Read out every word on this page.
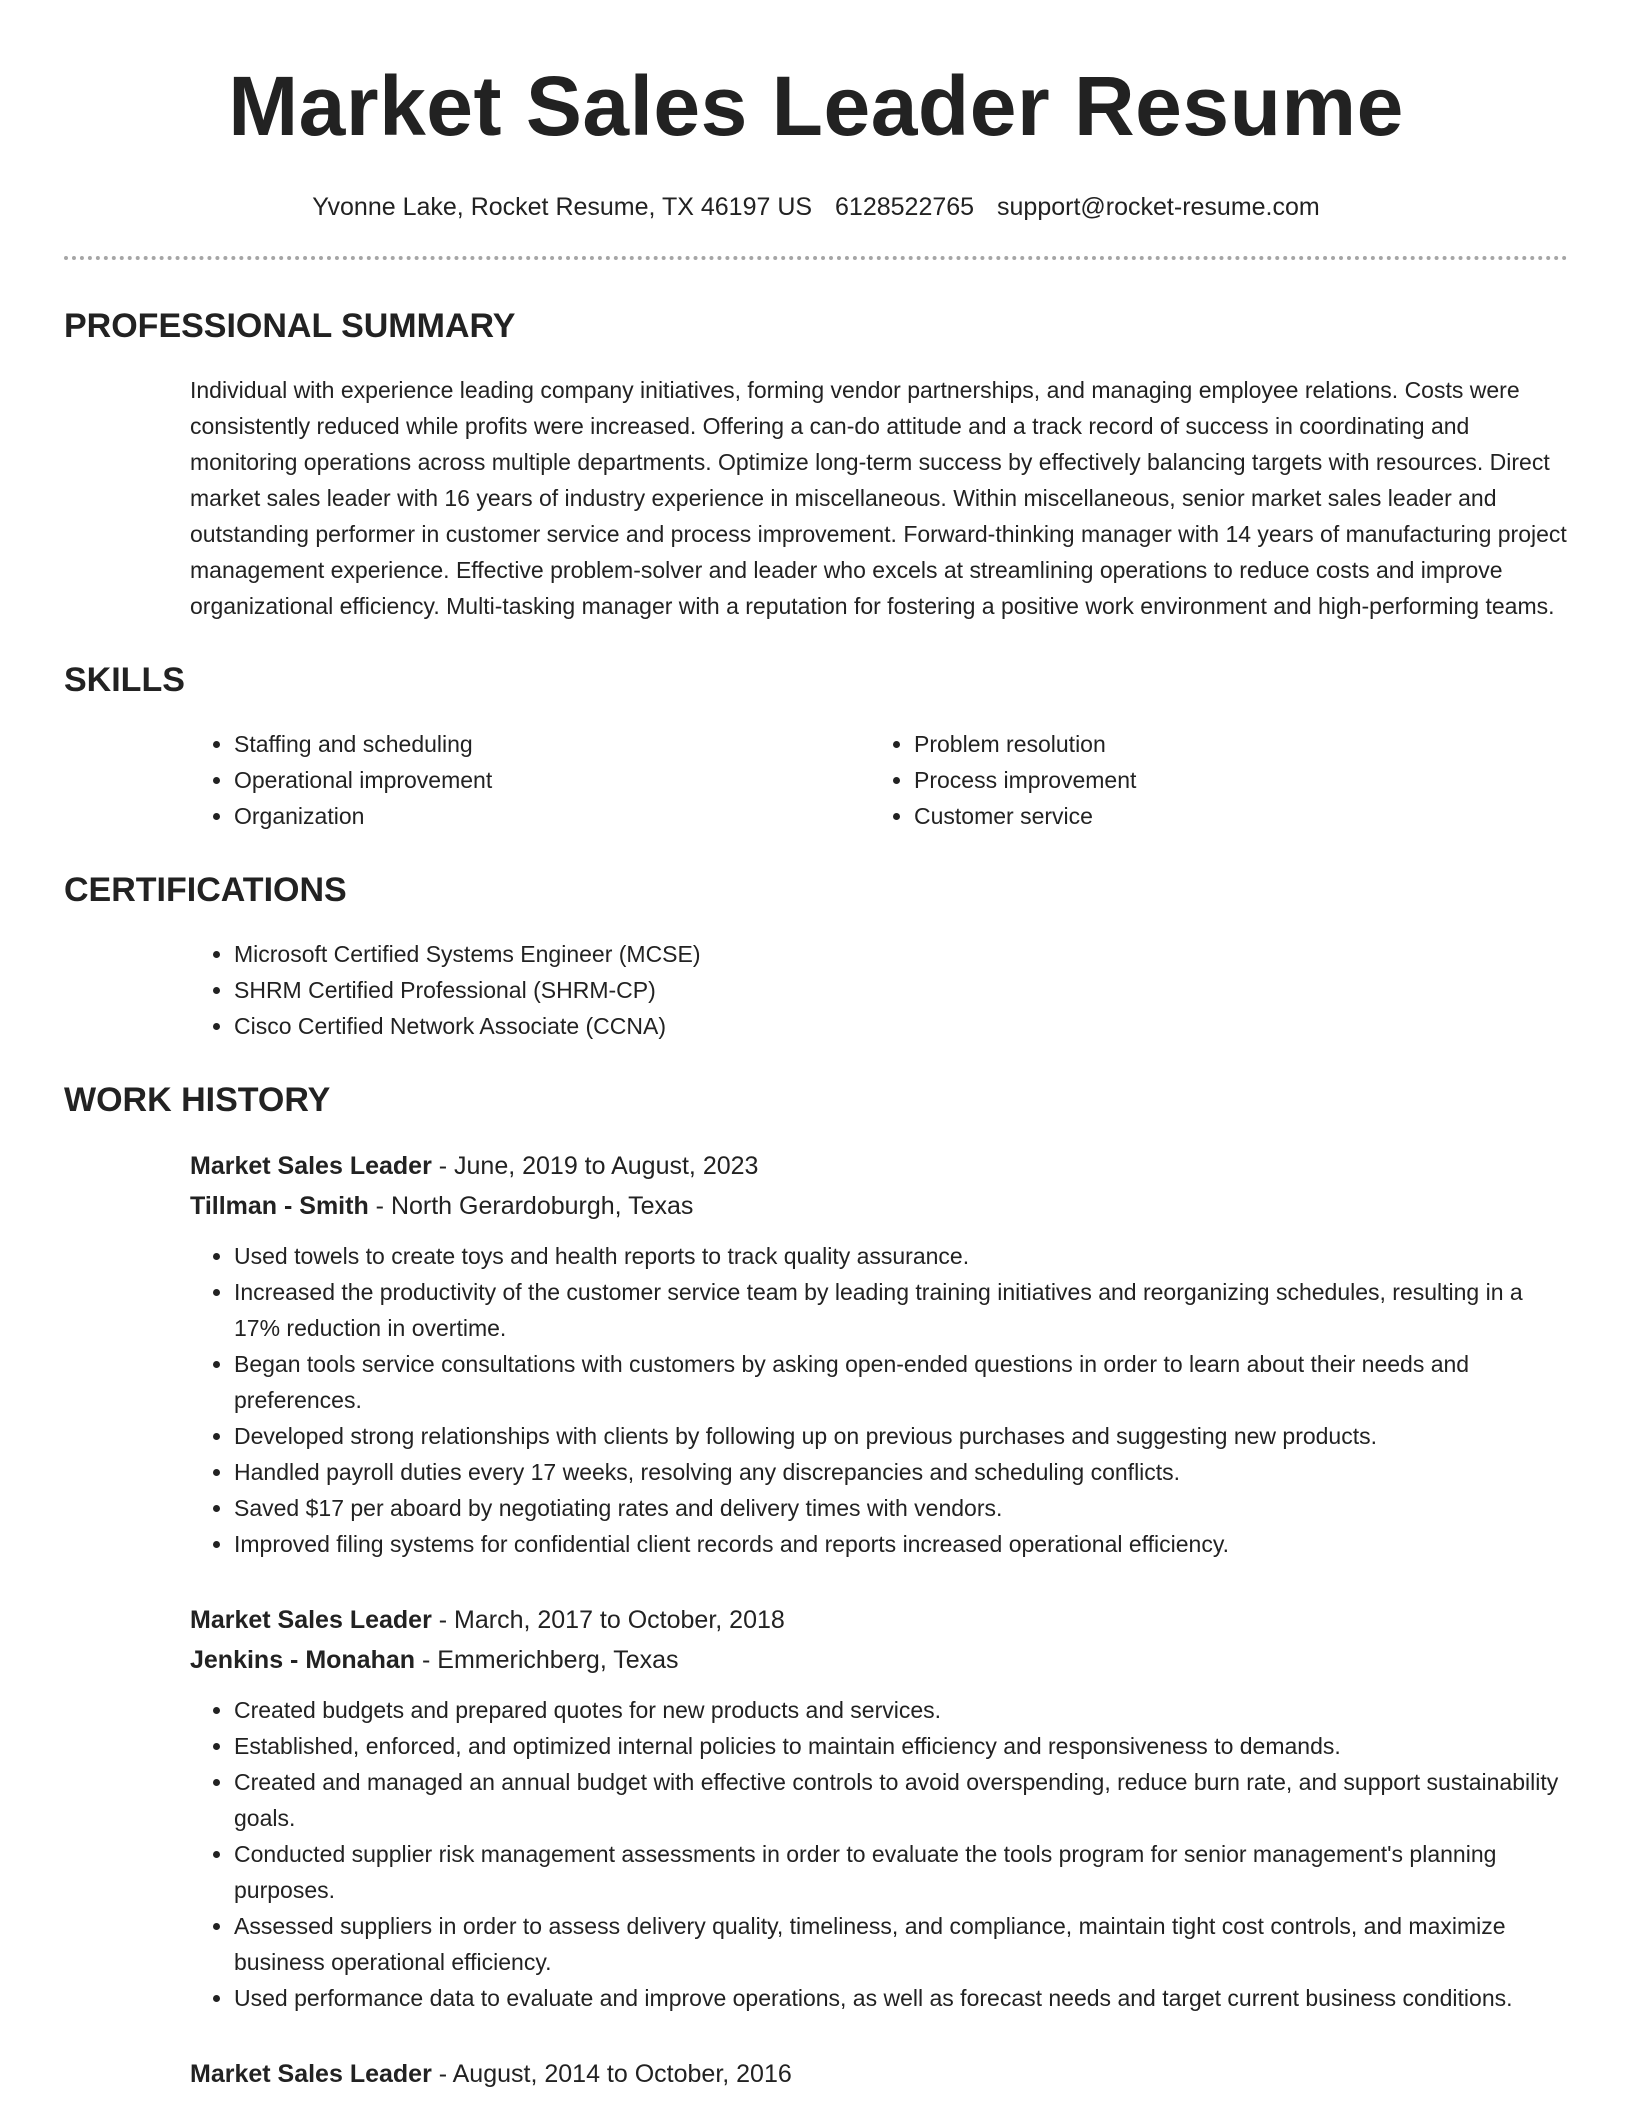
Market Sales Leader Resume
Yvonne Lake, Rocket Resume, TX 46197 US 6128522765 support@rocket-resume.com
PROFESSIONAL SUMMARY

Individual with experience leading company initiatives, forming vendor partnerships, and managing employee relations. Costs were consistently reduced while profits were increased. Offering a can-do attitude and a track record of success in coordinating and monitoring operations across multiple departments. Optimize long-term success by effectively balancing targets with resources. Direct market sales leader with 16 years of industry experience in miscellaneous. Within miscellaneous, senior market sales leader and outstanding performer in customer service and process improvement. Forward-thinking manager with 14 years of manufacturing project management experience. Effective problem-solver and leader who excels at streamlining operations to reduce costs and improve organizational efficiency. Multi-tasking manager with a reputation for fostering a positive work environment and high-performing teams.

SKILLS
• Staffing and scheduling
• Operational improvement
• Organization
• Problem resolution
• Process improvement
• Customer service
CERTIFICATIONS
• Microsoft Certified Systems Engineer (MCSE)
• SHRM Certified Professional (SHRM-CP)
• Cisco Certified Network Associate (CCNA)
WORK HISTORY
Market Sales Leader - June, 2019 to August, 2023
Tillman - Smith - North Gerardoburgh, Texas
• Used towels to create toys and health reports to track quality assurance.
• Increased the productivity of the customer service team by leading training initiatives and reorganizing schedules, resulting in a 17% reduction in overtime.
• Began tools service consultations with customers by asking open-ended questions in order to learn about their needs and preferences.
• Developed strong relationships with clients by following up on previous purchases and suggesting new products.
• Handled payroll duties every 17 weeks, resolving any discrepancies and scheduling conflicts.
• Saved $17 per aboard by negotiating rates and delivery times with vendors.
• Improved filing systems for confidential client records and reports increased operational efficiency.
Market Sales Leader - March, 2017 to October, 2018
Jenkins - Monahan - Emmerichberg, Texas
• Created budgets and prepared quotes for new products and services.
• Established, enforced, and optimized internal policies to maintain efficiency and responsiveness to demands.
• Created and managed an annual budget with effective controls to avoid overspending, reduce burn rate, and support sustainability goals.
• Conducted supplier risk management assessments in order to evaluate the tools program for senior management's planning purposes.
• Assessed suppliers in order to assess delivery quality, timeliness, and compliance, maintain tight cost controls, and maximize business operational efficiency.
• Used performance data to evaluate and improve operations, as well as forecast needs and target current business conditions.
Market Sales Leader - August, 2014 to October, 2016
